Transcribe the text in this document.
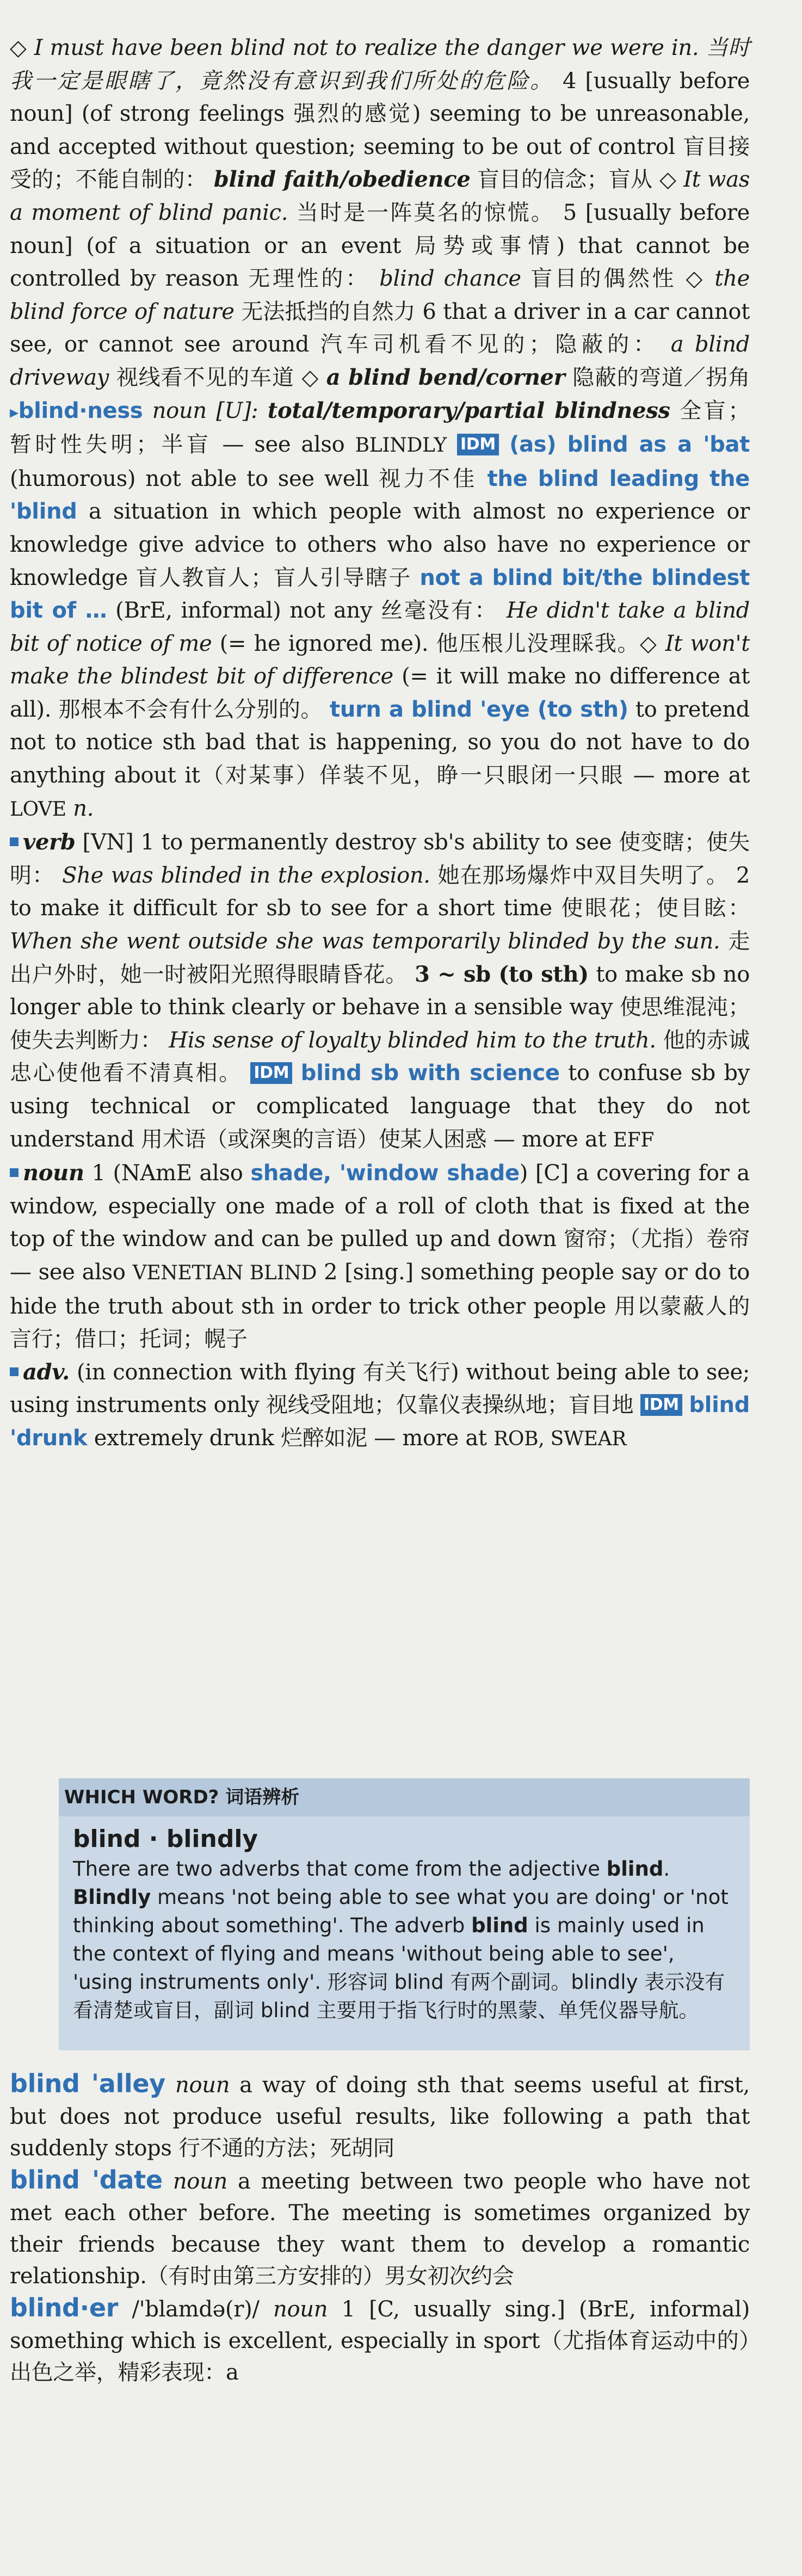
◇ I must have been blind not to realize the danger we were in. 当时我一定是眼瞎了，竟然没有意识到我们所处的危险。 4 [usually before noun] (of strong feelings 强烈的感觉) seeming to be unreasonable, and accepted without question; seeming to be out of control 盲目接受的；不能自制的： blind faith/obedience 盲目的信念；盲从 ◇ It was a moment of blind panic. 当时是一阵莫名的惊慌。 5 [usually before noun] (of a situation or an event 局势或事情) that cannot be controlled by reason 无理性的： blind chance 盲目的偶然性 ◇ the blind force of nature 无法抵挡的自然力 6 that a driver in a car cannot see, or cannot see around 汽车司机看不见的；隐蔽的： a blind driveway 视线看不见的车道 ◇ a blind bend/corner 隐蔽的弯道／拐角 ▸blind·ness noun [U]: total/temporary/partial blindness 全盲；暂时性失明；半盲 — see also BLINDLY IDM (as) blind as a 'bat (humorous) not able to see well 视力不佳 the blind leading the 'blind a situation in which people with almost no experience or knowledge give advice to others who also have no experience or knowledge 盲人教盲人；盲人引导瞎子 not a blind bit/the blindest bit of … (BrE, informal) not any 丝毫没有： He didn't take a blind bit of notice of me (= he ignored me). 他压根儿没理睬我。◇ It won't make the blindest bit of difference (= it will make no difference at all). 那根本不会有什么分别的。 turn a blind 'eye (to sth) to pretend not to notice sth bad that is happening, so you do not have to do anything about it（对某事）佯装不见，睁一只眼闭一只眼 — more at LOVE n.

verb [VN] 1 to permanently destroy sb's ability to see 使变瞎；使失明： She was blinded in the explosion. 她在那场爆炸中双目失明了。 2 to make it difficult for sb to see for a short time 使眼花；使目眩： When she went outside she was temporarily blinded by the sun. 走出户外时，她一时被阳光照得眼睛昏花。 3 ~ sb (to sth) to make sb no longer able to think clearly or behave in a sensible way 使思维混沌；使失去判断力： His sense of loyalty blinded him to the truth. 他的赤诚忠心使他看不清真相。 IDM blind sb with science to confuse sb by using technical or complicated language that they do not understand 用术语（或深奥的言语）使某人困惑 — more at EFF

noun 1 (NAmE also shade, 'window shade) [C] a covering for a window, especially one made of a roll of cloth that is fixed at the top of the window and can be pulled up and down 窗帘；（尤指）卷帘 — see also VENETIAN BLIND 2 [sing.] something people say or do to hide the truth about sth in order to trick other people 用以蒙蔽人的言行；借口；托词；幌子

adv. (in connection with flying 有关飞行) without being able to see; using instruments only 视线受阻地；仅靠仪表操纵地；盲目地 IDM blind 'drunk extremely drunk 烂醉如泥 — more at ROB, SWEAR

WHICH WORD? 词语辨析
blind · blindly
There are two adverbs that come from the adjective blind. Blindly means 'not being able to see what you are doing' or 'not thinking about something'. The adverb blind is mainly used in the context of flying and means 'without being able to see', 'using instruments only'. 形容词 blind 有两个副词。blindly 表示没有看清楚或盲目，副词 blind 主要用于指飞行时的黑蒙、单凭仪器导航。

blind 'alley noun a way of doing sth that seems useful at first, but does not produce useful results, like following a path that suddenly stops 行不通的方法；死胡同

blind 'date noun a meeting between two people who have not met each other before. The meeting is sometimes organized by their friends because they want them to develop a romantic relationship.（有时由第三方安排的）男女初次约会

blind·er /'blamdə(r)/ noun 1 [C, usually sing.] (BrE, informal) something which is excellent, especially in sport（尤指体育运动中的）出色之举，精彩表现：a
